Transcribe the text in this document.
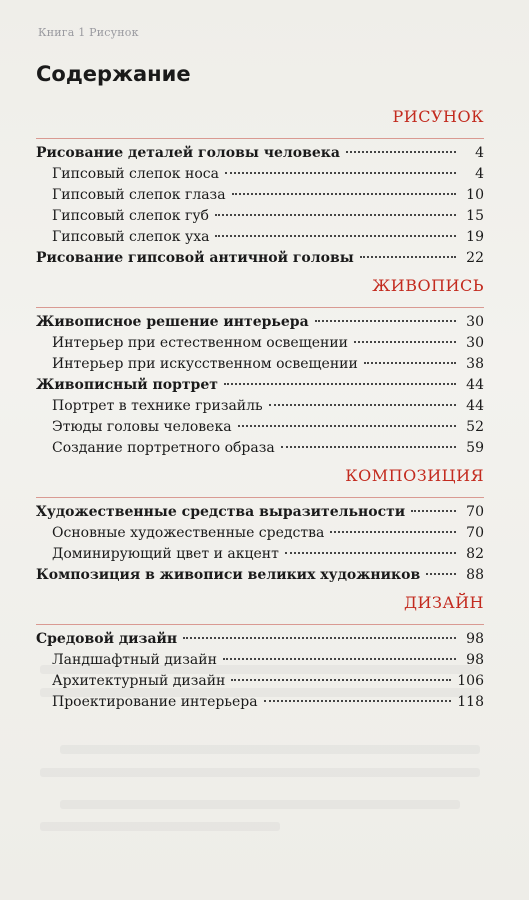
Книга 1 Рисунок
Содержание
РИСУНОК
Рисование деталей головы человека	4
Гипсовый слепок носа	4
Гипсовый слепок глаза	10
Гипсовый слепок губ	15
Гипсовый слепок уха	19
Рисование гипсовой античной головы	22
ЖИВОПИСЬ
Живописное решение интерьера	30
Интерьер при естественном освещении	30
Интерьер при искусственном освещении	38
Живописный портрет	44
Портрет в технике гризайль	44
Этюды головы человека	52
Создание портретного образа	59
КОМПОЗИЦИЯ
Художественные средства выразительности	70
Основные художественные средства	70
Доминирующий цвет и акцент	82
Композиция в живописи великих художников	88
ДИЗАЙН
Средовой дизайн	98
Ландшафтный дизайн	98
Архитектурный дизайн	106
Проектирование интерьера	118
